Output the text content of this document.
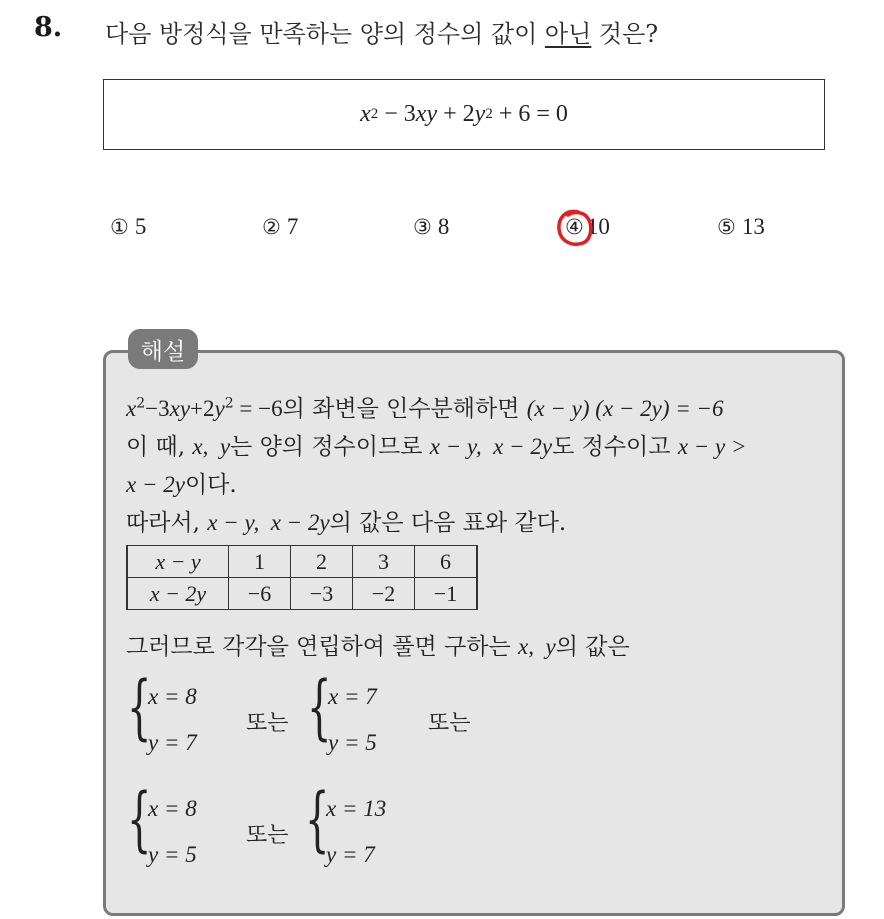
8. 다음 방정식을 만족하는 양의 정수의 값이 아닌 것은?
x 2 − 3 xy + 2 y 2 + 6 = 0
① 5	② 7	③ 8	④ 10	⑤ 13
해설
$x^2-3xy+2y^2 = -6$의 좌변을 인수분해하면 (x − y) (x − 2y) = −6
이 때, x,  y는 양의 정수이므로 x − y,  x − 2y도 정수이고 x − y >
x − 2y이다.
따라서, x − y,  x − 2y의 값은 다음 표와 같다.
x − y	1	2	3	6
x − 2y	−6	−3	−2	−1
그러므로 각각을 연립하여 풀면 구하는 x,  y의 값은
{
x = 8
y = 7
또는 {
x = 7
y = 5
또는
{
x = 8
y = 5
또는 {
x = 13
y = 7
